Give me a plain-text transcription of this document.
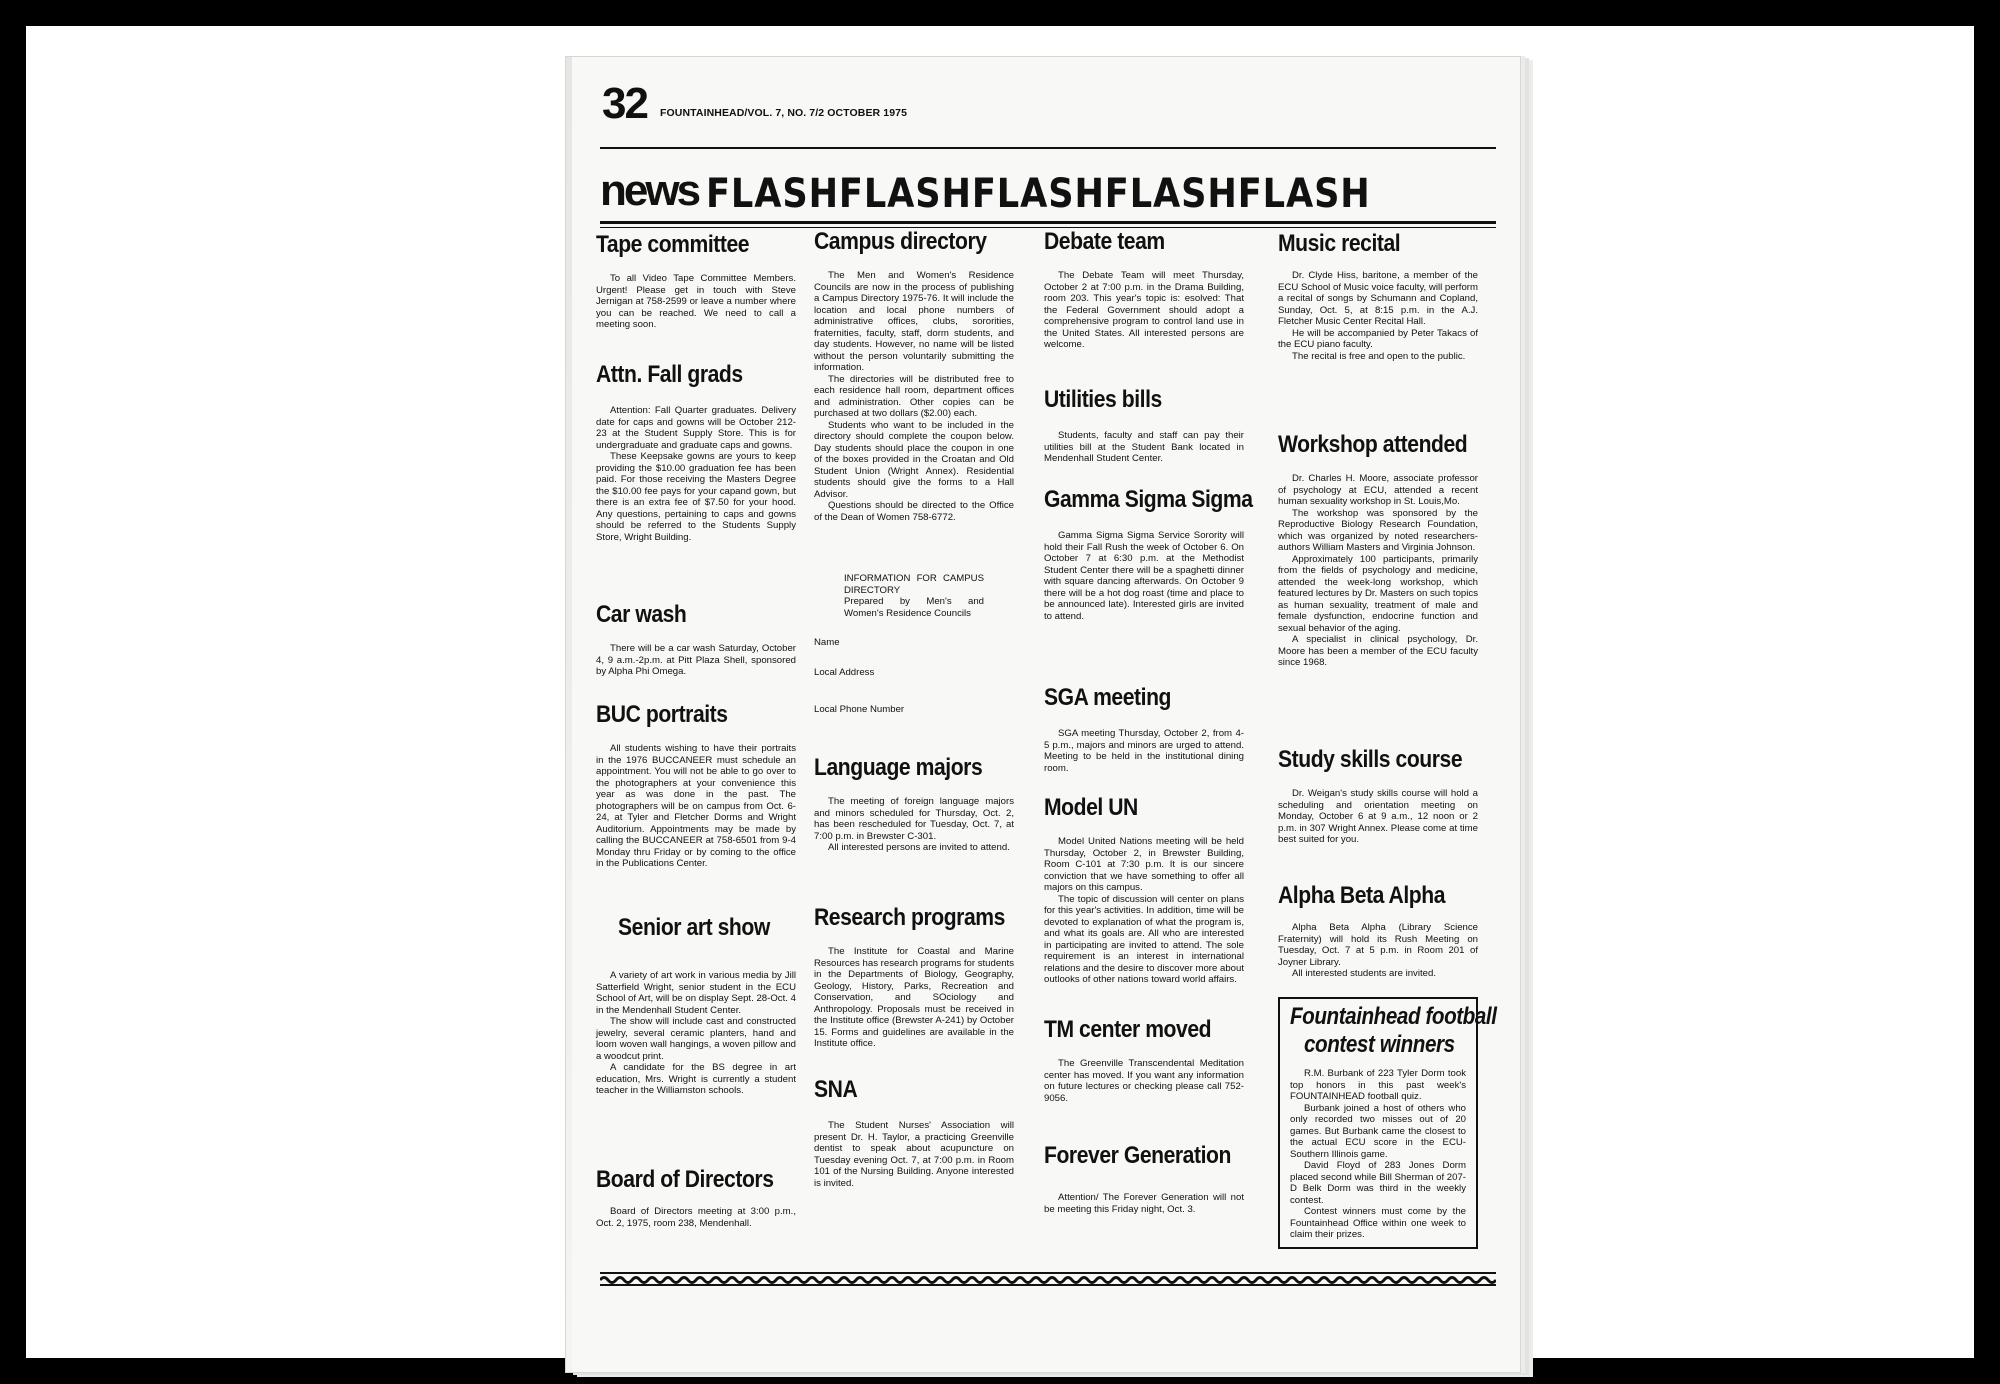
32 FOUNTAINHEAD/VOL. 7, NO. 7/2 OCTOBER 1975
news FLASHFLASHFLASHFLASHFLASH
Tape committee

To all Video Tape Committee Members. Urgent! Please get in touch with Steve Jernigan at 758-2599 or leave a number where you can be reached. We need to call a meeting soon.

Attn. Fall grads

Attention: Fall Quarter graduates. Delivery date for caps and gowns will be October 212-23 at the Student Supply Store. This is for undergraduate and graduate caps and gowns.

These Keepsake gowns are yours to keep providing the $10.00 graduation fee has been paid. For those receiving the Masters Degree the $10.00 fee pays for your capand gown, but there is an extra fee of $7.50 for your hood. Any questions, pertaining to caps and gowns should be referred to the Students Supply Store, Wright Building.

Car wash

There will be a car wash Saturday, October 4, 9 a.m.-2p.m. at Pitt Plaza Shell, sponsored by Alpha Phi Omega.

BUC portraits

All students wishing to have their portraits in the 1976 BUCCANEER must schedule an appointment. You will not be able to go over to the photographers at your convenience this year as was done in the past. The photographers will be on campus from Oct. 6-24, at Tyler and Fletcher Dorms and Wright Auditorium. Appointments may be made by calling the BUCCANEER at 758-6501 from 9-4 Monday thru Friday or by coming to the office in the Publications Center.

Senior art show

A variety of art work in various media by Jill Satterfield Wright, senior student in the ECU School of Art, will be on display Sept. 28-Oct. 4 in the Mendenhall Student Center.

The show will include cast and constructed jewelry, several ceramic planters, hand and loom woven wall hangings, a woven pillow and a woodcut print.

A candidate for the BS degree in art education, Mrs. Wright is currently a student teacher in the Williamston schools.

Board of Directors

Board of Directors meeting at 3:00 p.m., Oct. 2, 1975, room 238, Mendenhall.

Campus directory

The Men and Women's Residence Councils are now in the process of publishing a Campus Directory 1975-76. It will include the location and local phone numbers of administrative offices, clubs, sororities, fraternities, faculty, staff, dorm students, and day students. However, no name will be listed without the person voluntarily submitting the information.

The directories will be distributed free to each residence hall room, department offices and administration. Other copies can be purchased at two dollars ($2.00) each.

Students who want to be included in the directory should complete the coupon below. Day students should place the coupon in one of the boxes provided in the Croatan and Old Student Union (Wright Annex). Residential students should give the forms to a Hall Advisor.

Questions should be directed to the Office of the Dean of Women 758-6772.

INFORMATION FOR CAMPUS DIRECTORY

Prepared by Men's and Women's Residence Councils

Name

Local Address

Local Phone Number

Language majors

The meeting of foreign language majors and minors scheduled for Thursday, Oct. 2, has been rescheduled for Tuesday, Oct. 7, at 7:00 p.m. in Brewster C-301.

All interested persons are invited to attend.

Research programs

The Institute for Coastal and Marine Resources has research programs for students in the Departments of Biology, Geography, Geology, History, Parks, Recreation and Conservation, and SOciology and Anthropology. Proposals must be received in the Institute office (Brewster A-241) by October 15. Forms and guidelines are available in the Institute office.

SNA

The Student Nurses' Association will present Dr. H. Taylor, a practicing Greenville dentist to speak about acupuncture on Tuesday evening Oct. 7, at 7:00 p.m. in Room 101 of the Nursing Building. Anyone interested is invited.

Debate team

The Debate Team will meet Thursday, October 2 at 7:00 p.m. in the Drama Building, room 203. This year's topic is: esolved: That the Federal Government should adopt a comprehensive program to control land use in the United States. All interested persons are welcome.

Utilities bills

Students, faculty and staff can pay their utilities bill at the Student Bank located in Mendenhall Student Center.

Gamma Sigma Sigma

Gamma Sigma Sigma Service Sorority will hold their Fall Rush the week of October 6. On October 7 at 6:30 p.m. at the Methodist Student Center there will be a spaghetti dinner with square dancing afterwards. On October 9 there will be a hot dog roast (time and place to be announced late). Interested girls are invited to attend.

SGA meeting

SGA meeting Thursday, October 2, from 4-5 p.m., majors and minors are urged to attend. Meeting to be held in the institutional dining room.

Model UN

Model United Nations meeting will be held Thursday, October 2, in Brewster Building, Room C-101 at 7:30 p.m. It is our sincere conviction that we have something to offer all majors on this campus.

The topic of discussion will center on plans for this year's activities. In addition, time will be devoted to explanation of what the program is, and what its goals are. All who are interested in participating are invited to attend. The sole requirement is an interest in international relations and the desire to discover more about outlooks of other nations toward world affairs.

TM center moved

The Greenville Transcendental Meditation center has moved. If you want any information on future lectures or checking please call 752-9056.

Forever Generation

Attention/ The Forever Generation will not be meeting this Friday night, Oct. 3.

Music recital

Dr. Clyde Hiss, baritone, a member of the ECU School of Music voice faculty, will perform a recital of songs by Schumann and Copland, Sunday, Oct. 5, at 8:15 p.m. in the A.J. Fletcher Music Center Recital Hall.

He will be accompanied by Peter Takacs of the ECU piano faculty.

The recital is free and open to the public.

Workshop attended

Dr. Charles H. Moore, associate professor of psychology at ECU, attended a recent human sexuality workshop in St. Louis,Mo.

The workshop was sponsored by the Reproductive Biology Research Foundation, which was organized by noted researchers-authors William Masters and Virginia Johnson.

Approximately 100 participants, primarily from the fields of psychology and medicine, attended the week-long workshop, which featured lectures by Dr. Masters on such topics as human sexuality, treatment of male and female dysfunction, endocrine function and sexual behavior of the aging.

A specialist in clinical psychology, Dr. Moore has been a member of the ECU faculty since 1968.

Study skills course

Dr. Weigan's study skills course will hold a scheduling and orientation meeting on Monday, October 6 at 9 a.m., 12 noon or 2 p.m. in 307 Wright Annex. Please come at time best suited for you.

Alpha Beta Alpha

Alpha Beta Alpha (Library Science Fraternity) will hold its Rush Meeting on Tuesday, Oct. 7 at 5 p.m. in Room 201 of Joyner Library.

All interested students are invited.

Fountainhead football
contest winners

R.M. Burbank of 223 Tyler Dorm took top honors in this past week's FOUNTAINHEAD football quiz.

Burbank joined a host of others who only recorded two misses out of 20 games. But Burbank came the closest to the actual ECU score in the ECU-Southern Illinois game.

David Floyd of 283 Jones Dorm placed second while Bill Sherman of 207-D Belk Dorm was third in the weekly contest.

Contest winners must come by the Fountainhead Office within one week to claim their prizes.
